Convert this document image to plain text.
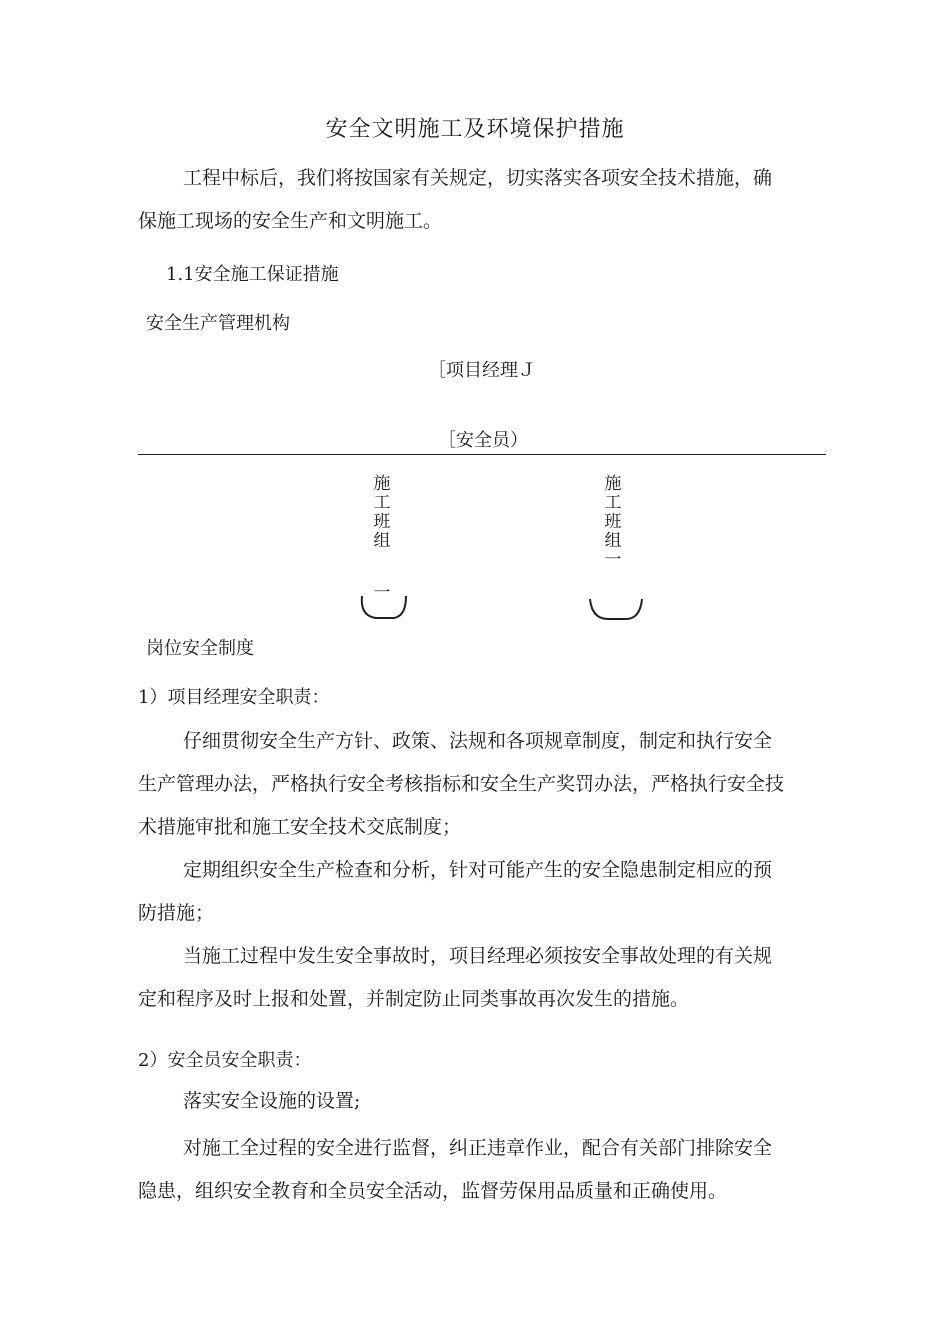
安全文明施工及环境保护措施
工程中标后，我们将按国家有关规定，切实落实各项安全技术措施，确
保施工现场的安全生产和文明施工。
1.1安全施工保证措施
安全生产管理机构
［项目经理Ｊ
［安全员）
施工班组
一
施工班组一
岗位安全制度
1）项目经理安全职责：
仔细贯彻安全生产方针、政策、法规和各项规章制度，制定和执行安全
生产管理办法，严格执行安全考核指标和安全生产奖罚办法，严格执行安全技
术措施审批和施工安全技术交底制度；
定期组织安全生产检查和分析，针对可能产生的安全隐患制定相应的预
防措施；
当施工过程中发生安全事故时，项目经理必须按安全事故处理的有关规
定和程序及时上报和处置，并制定防止同类事故再次发生的措施。
2）安全员安全职责：
落实安全设施的设置;
对施工全过程的安全进行监督，纠正违章作业，配合有关部门排除安全
隐患，组织安全教育和全员安全活动，监督劳保用品质量和正确使用。
